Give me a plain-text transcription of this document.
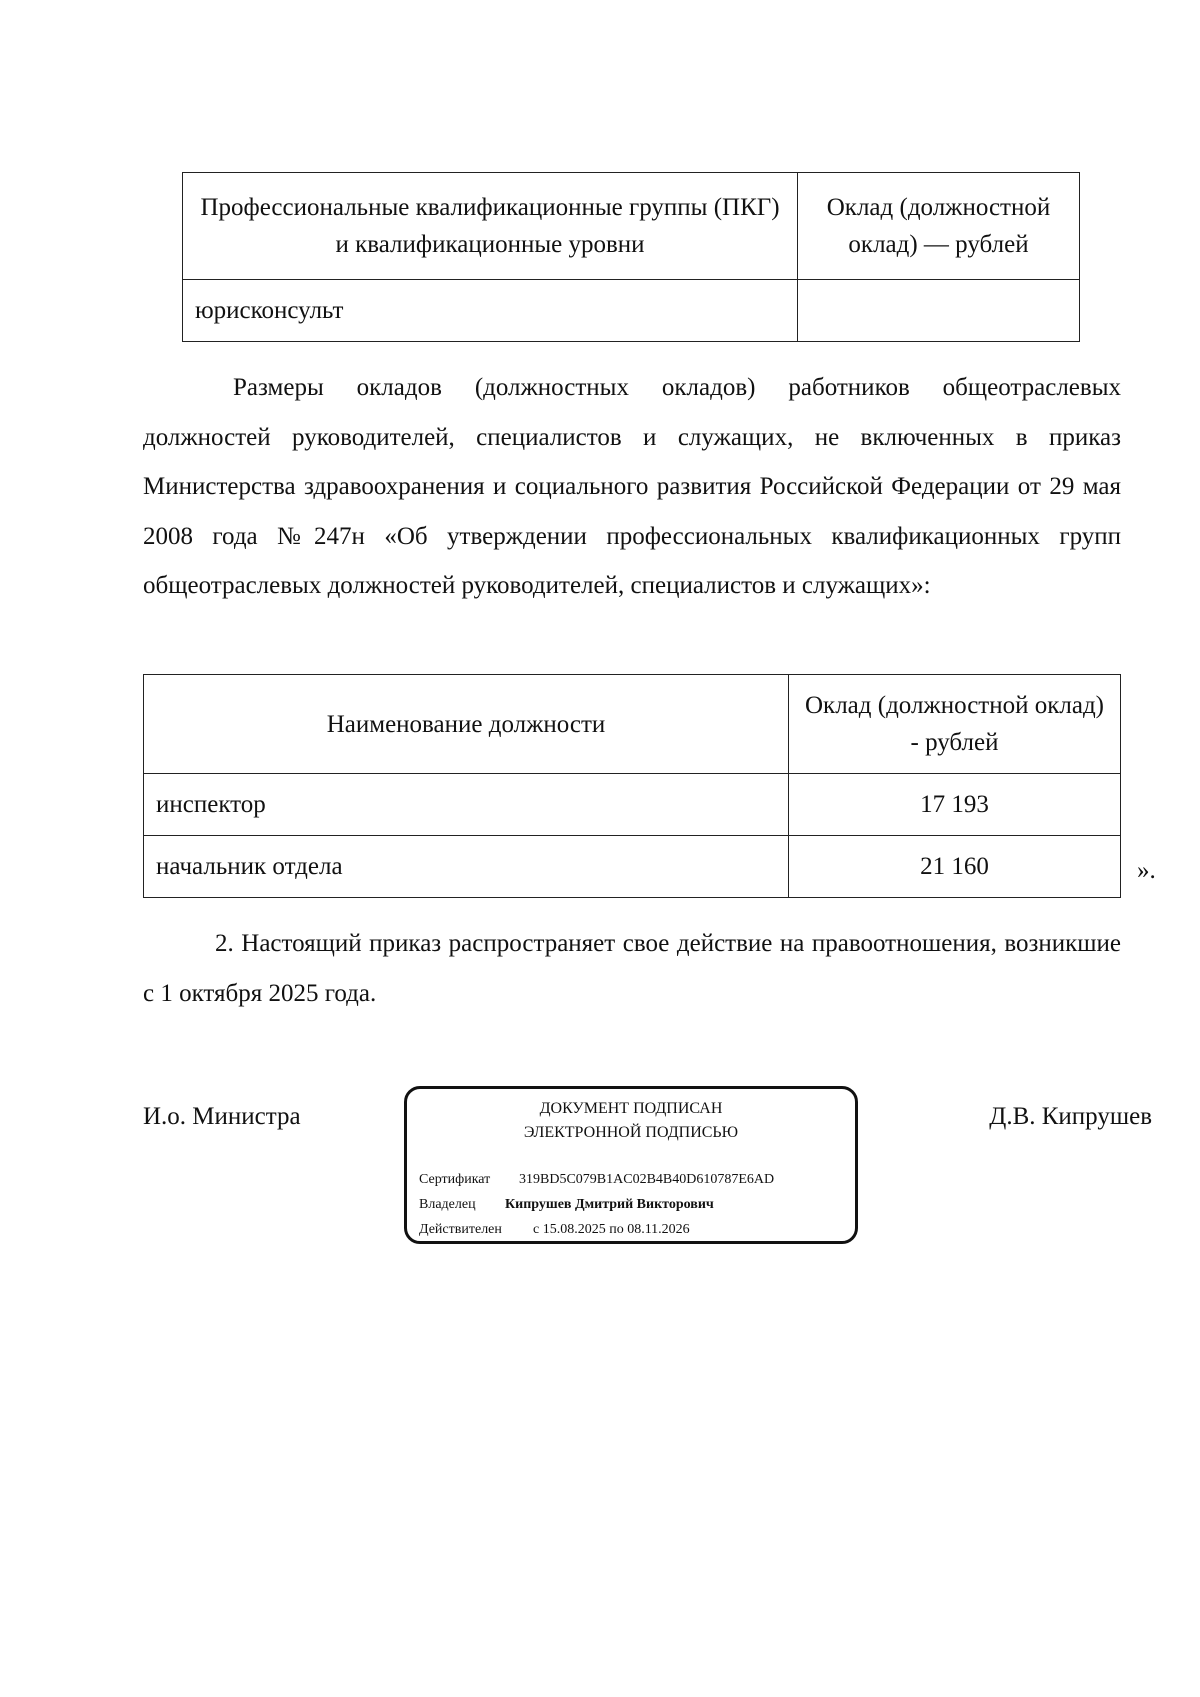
Профессиональные квалификационные группы (ПКГ) и квалификационные уровни	Оклад (должностной оклад) — рублей
юрисконсульт	

Размеры окладов (должностных окладов) работников общеотраслевых должностей руководителей, специалистов и служащих, не включенных в приказ Министерства здравоохранения и социального развития Российской Федерации от 29 мая 2008 года №247н «Об утверждении профессиональных квалификационных групп общеотраслевых должностей руководителей, специалистов и служащих»:

Наименование должности	Оклад (должностной оклад) - рублей
инспектор	17 193
начальник отдела	21 160	».

2. Настоящий приказ распространяет свое действие на правоотношения, возникшие с 1 октября 2025 года.

И.о. Министра	ДОКУМЕНТ ПОДПИСАН
ЭЛЕКТРОННОЙ ПОДПИСЬЮ
Сертификат 319BD5C079B1AC02B4B40D610787E6AD
Владелец Кипрушев Дмитрий Викторович
Действителен с 15.08.2025 по 08.11.2026
Д.В. Кипрушев
